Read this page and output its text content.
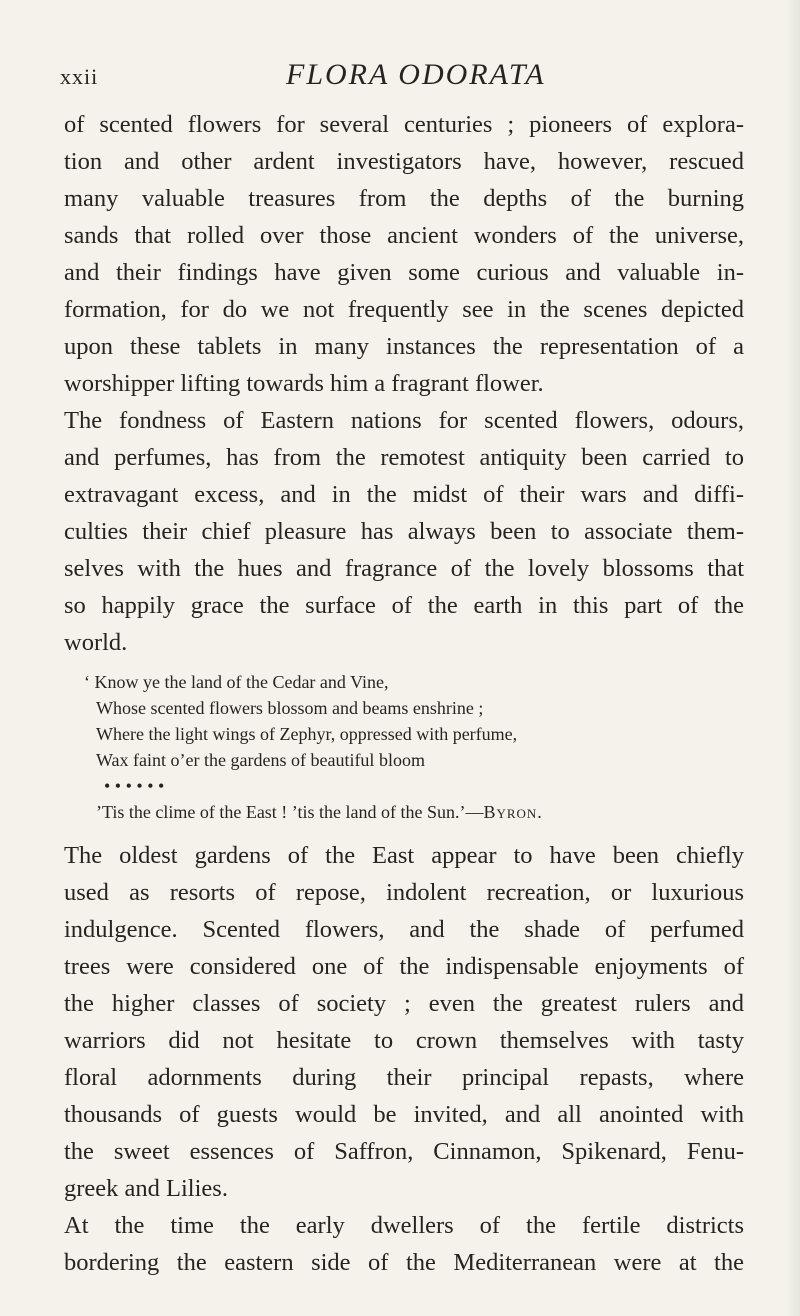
xxii	FLORA ODORATA
of scented flowers for several centuries ; pioneers of explora-
tion and other ardent investigators have, however, rescued
many valuable treasures from the depths of the burning
sands that rolled over those ancient wonders of the universe,
and their findings have given some curious and valuable in-
formation, for do we not frequently see in the scenes depicted
upon these tablets in many instances the representation of a
worshipper lifting towards him a fragrant flower.
The fondness of Eastern nations for scented flowers, odours,
and perfumes, has from the remotest antiquity been carried to
extravagant excess, and in the midst of their wars and diffi-
culties their chief pleasure has always been to associate them-
selves with the hues and fragrance of the lovely blossoms that
so happily grace the surface of the earth in this part of the
world.
‘ Know ye the land of the Cedar and Vine,
Whose scented flowers blossom and beams enshrine ;
Where the light wings of Zephyr, oppressed with perfume,
Wax faint o’er the gardens of beautiful bloom
• • • • • •
’Tis the clime of the East ! ’tis the land of the Sun.’—Byron.
The oldest gardens of the East appear to have been chiefly
used as resorts of repose, indolent recreation, or luxurious
indulgence. Scented flowers, and the shade of perfumed
trees were considered one of the indispensable enjoyments of
the higher classes of society ; even the greatest rulers and
warriors did not hesitate to crown themselves with tasty
floral adornments during their principal repasts, where
thousands of guests would be invited, and all anointed with
the sweet essences of Saffron, Cinnamon, Spikenard, Fenu-
greek and Lilies.
At the time the early dwellers of the fertile districts
bordering the eastern side of the Mediterranean were at the
